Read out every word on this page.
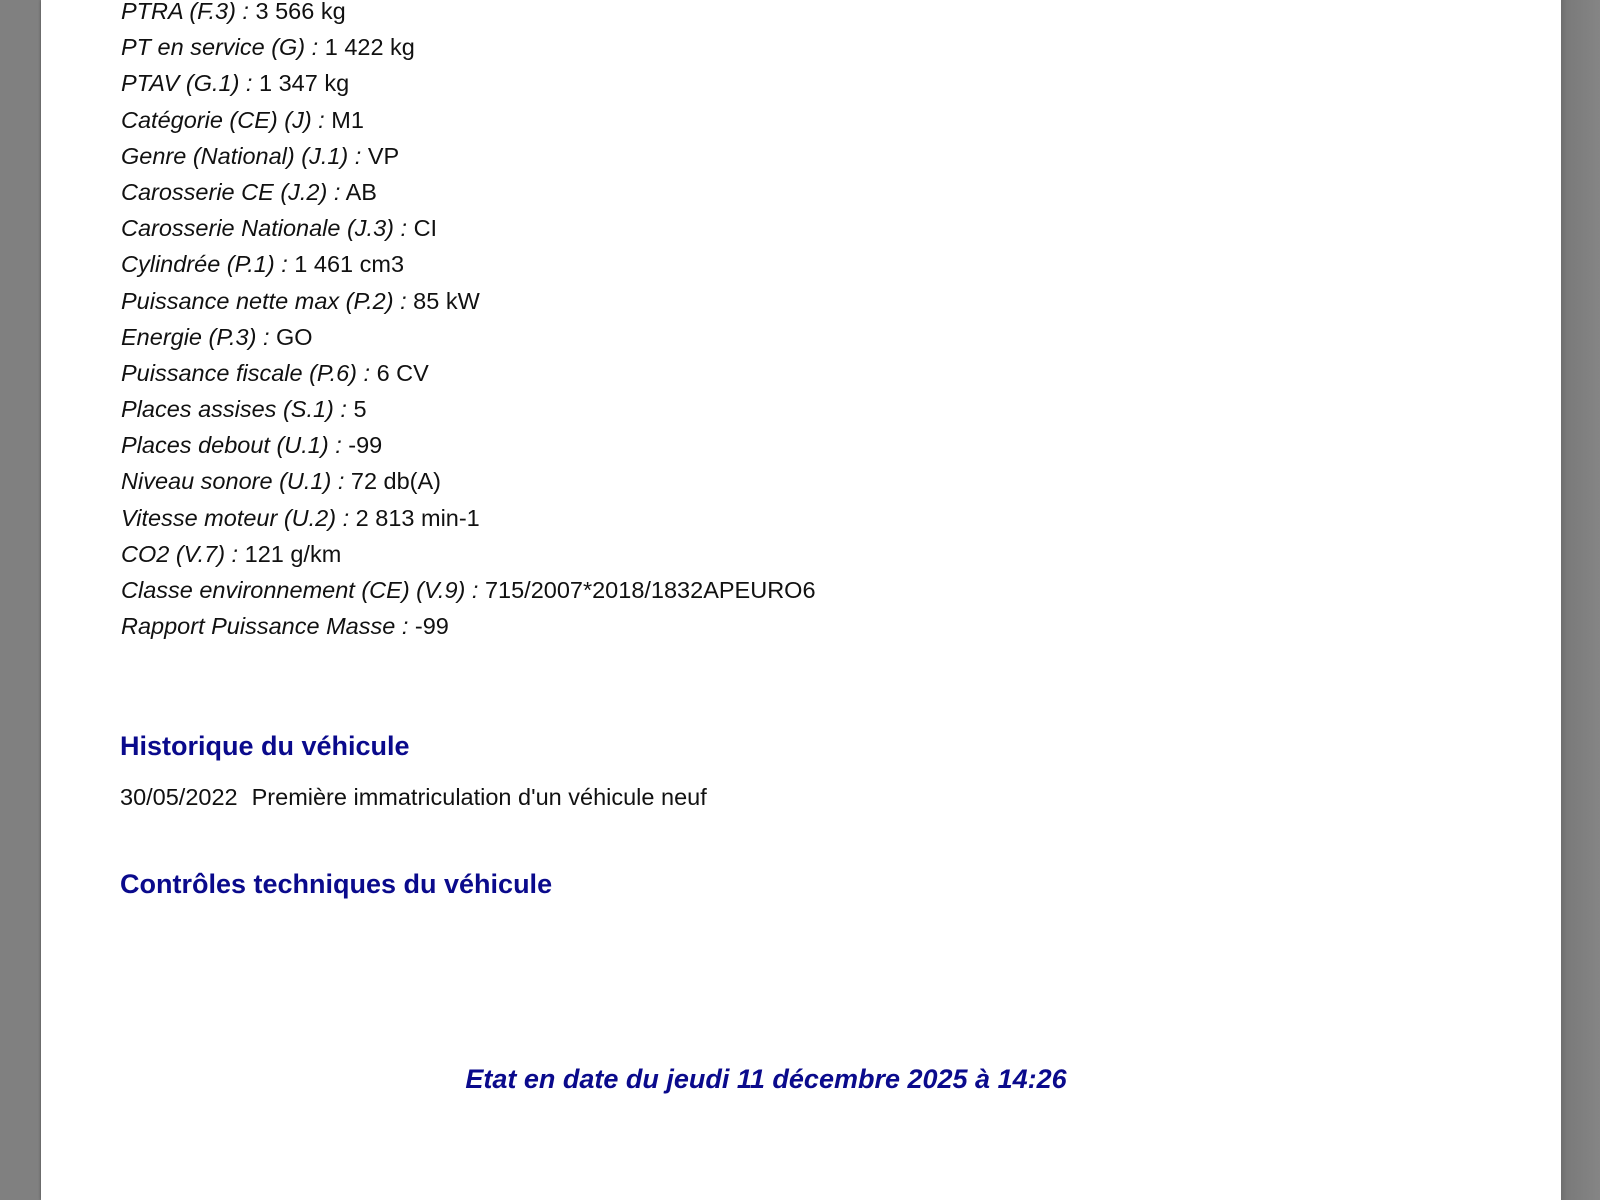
PTRA (F.3) : 3 566 kg
PT en service (G) : 1 422 kg
PTAV (G.1) : 1 347 kg
Catégorie (CE) (J) : M1
Genre (National) (J.1) : VP
Carosserie CE (J.2) : AB
Carosserie Nationale (J.3) : CI
Cylindrée (P.1) : 1 461 cm3
Puissance nette max (P.2) : 85 kW
Energie (P.3) : GO
Puissance fiscale (P.6) : 6 CV
Places assises (S.1) : 5
Places debout (U.1) : -99
Niveau sonore (U.1) : 72 db(A)
Vitesse moteur (U.2) : 2 813 min-1
CO2 (V.7) : 121 g/km
Classe environnement (CE) (V.9) : 715/2007*2018/1832APEURO6
Rapport Puissance Masse : -99
Historique du véhicule
30/05/2022 Première immatriculation d'un véhicule neuf
Contrôles techniques du véhicule
Etat en date du jeudi 11 décembre 2025 à 14:26
